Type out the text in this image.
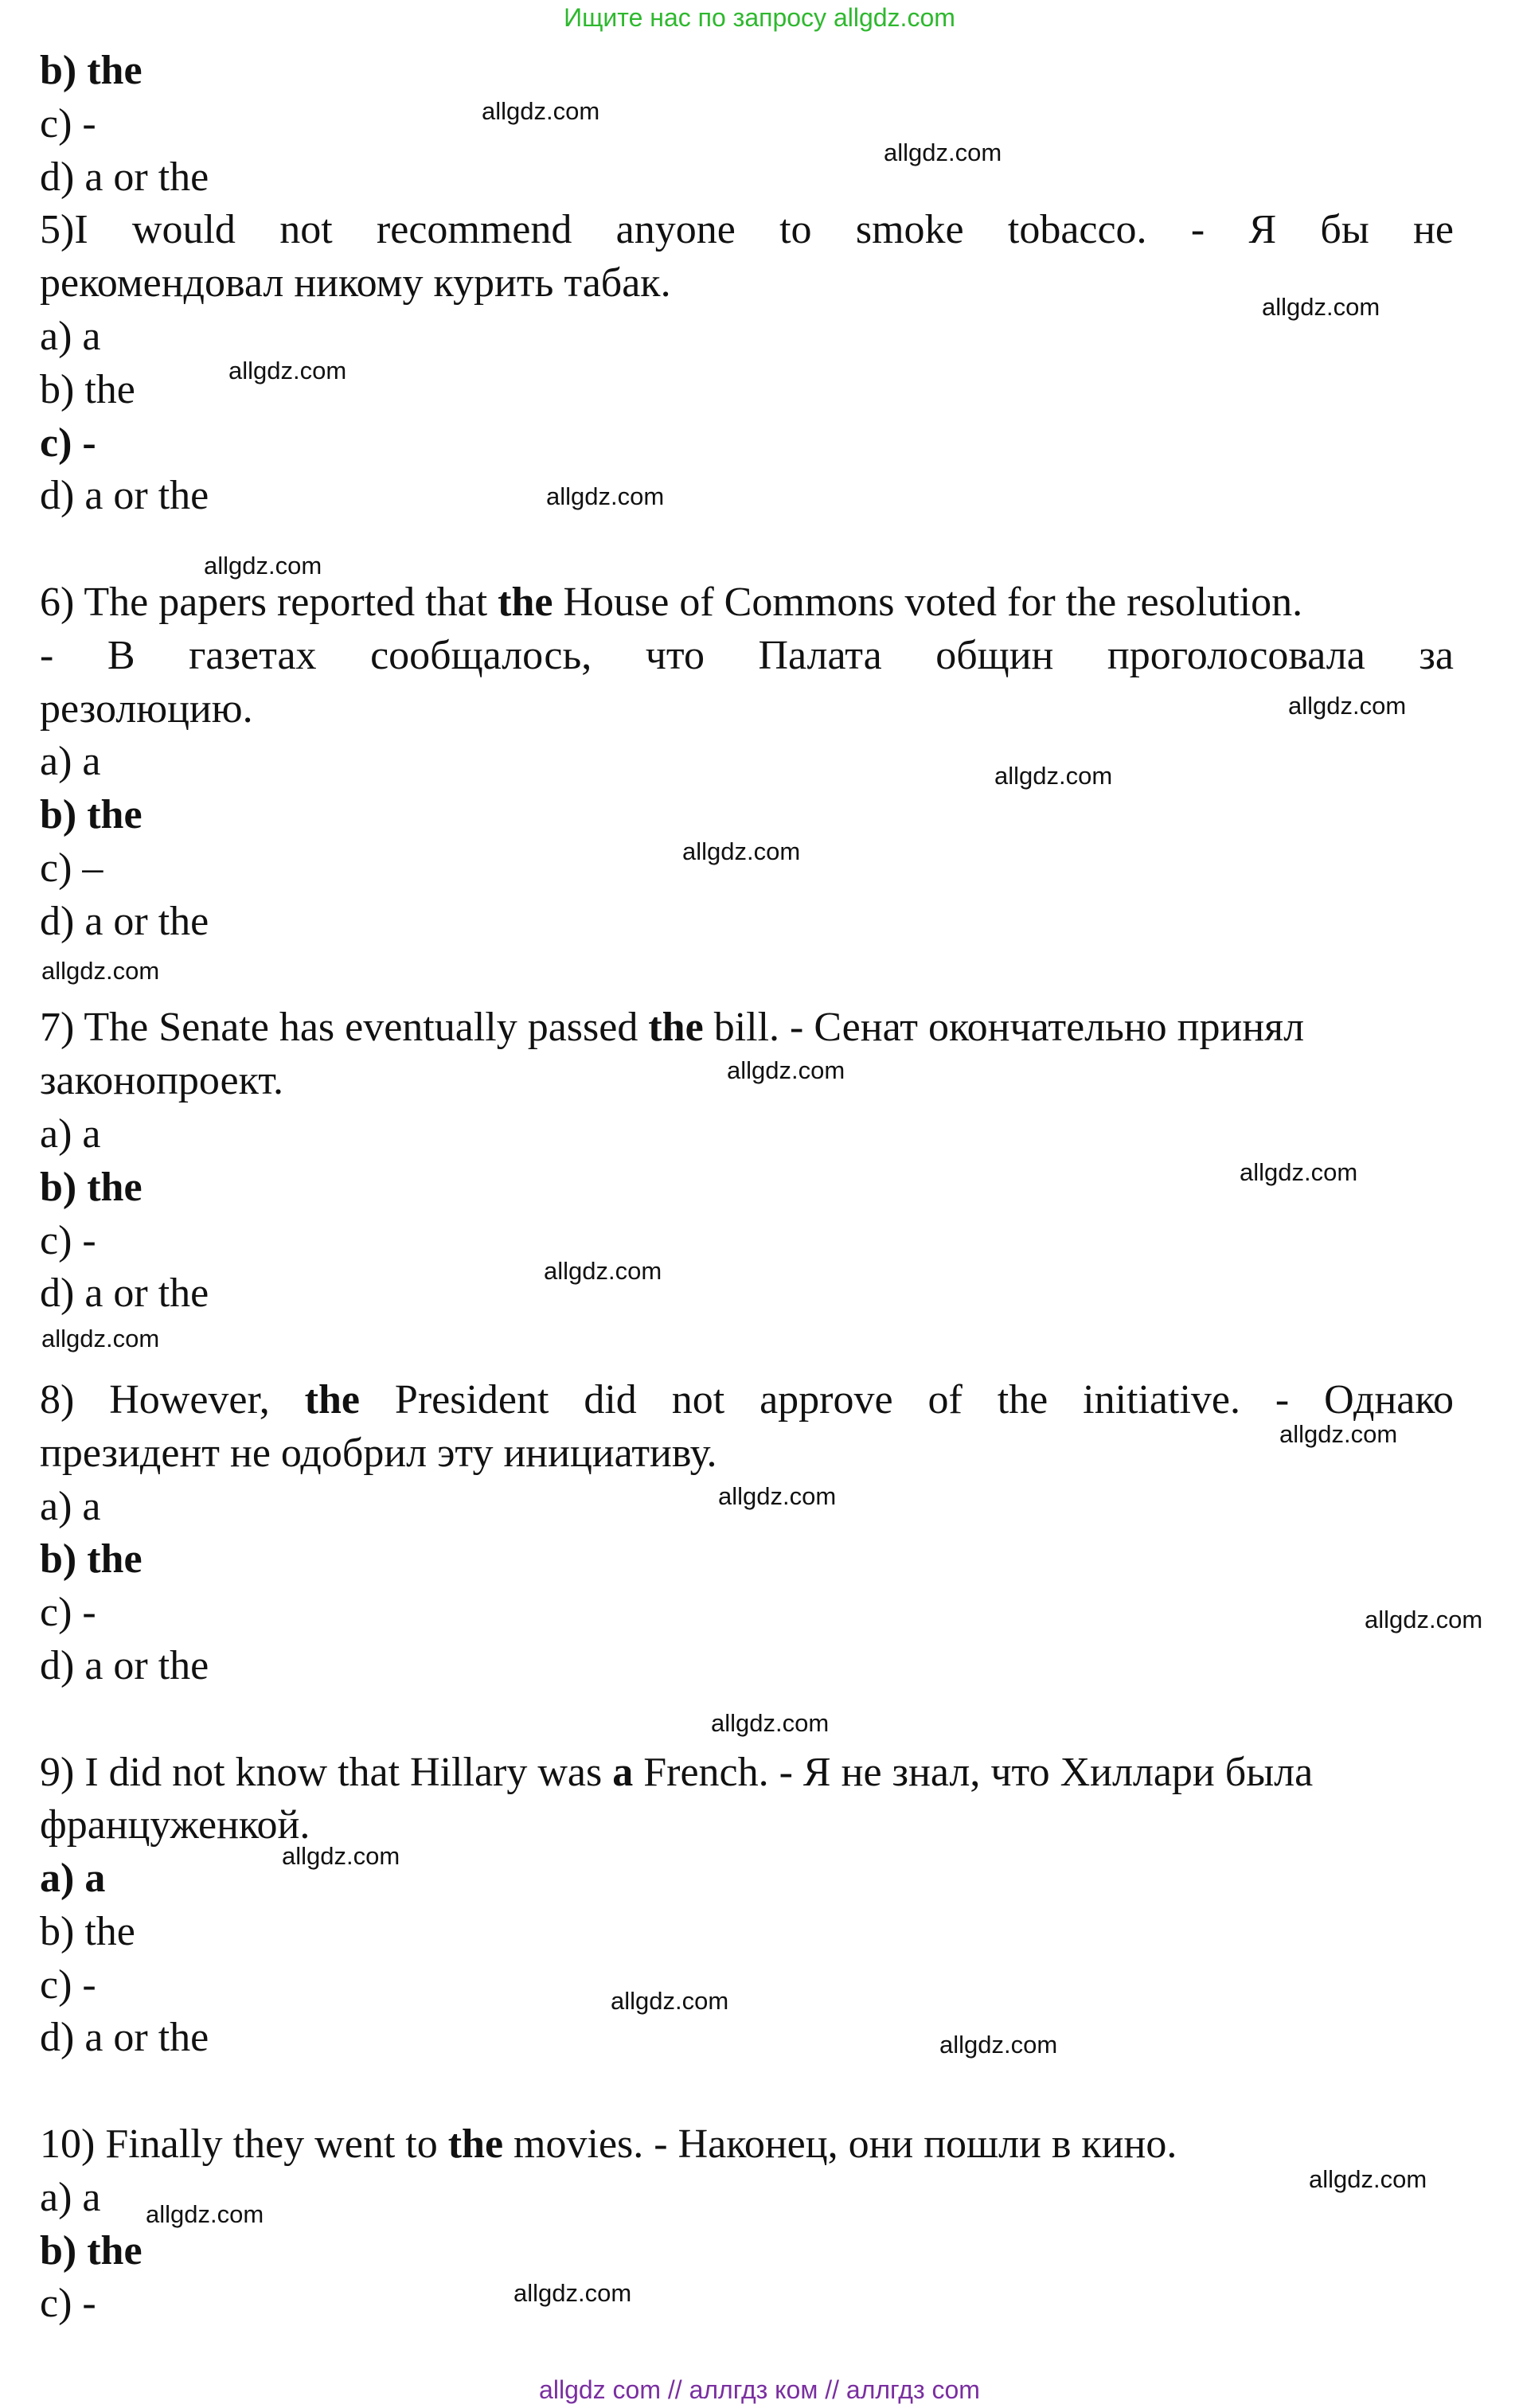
Ищите нас по запросу allgdz.com
b) the
c) -
d) a or the
5)I would not recommend anyone to smoke tobacco. - Я бы не
рекомендовал никому курить табак.
a) a
b) the
c) -
d) a or the
6) The papers reported that the House of Commons voted for the resolution.
- В газетах сообщалось, что Палата общин проголосовала за
резолюцию.
a) a
b) the
c) –
d) a or the
7) The Senate has eventually passed the bill. - Сенат окончательно принял
законопроект.
a) a
b) the
c) -
d) a or the
8) However, the President did not approve of the initiative. - Однако
президент не одобрил эту инициативу.
a) a
b) the
c) -
d) a or the
9) I did not know that Hillary was a French. - Я не знал, что Хиллари была
француженкой.
a) a
b) the
c) -
d) a or the
10) Finally they went to the movies. - Наконец, они пошли в кино.
a) a
b) the
c) -
allgdz.com
allgdz.com
allgdz.com
allgdz.com
allgdz.com
allgdz.com
allgdz.com
allgdz.com
allgdz.com
allgdz.com
allgdz.com
allgdz.com
allgdz.com
allgdz.com
allgdz.com
allgdz.com
allgdz.com
allgdz.com
allgdz.com
allgdz.com
allgdz.com
allgdz.com
allgdz.com
allgdz.com
allgdz com // аллгдз ком // аллгдз com
